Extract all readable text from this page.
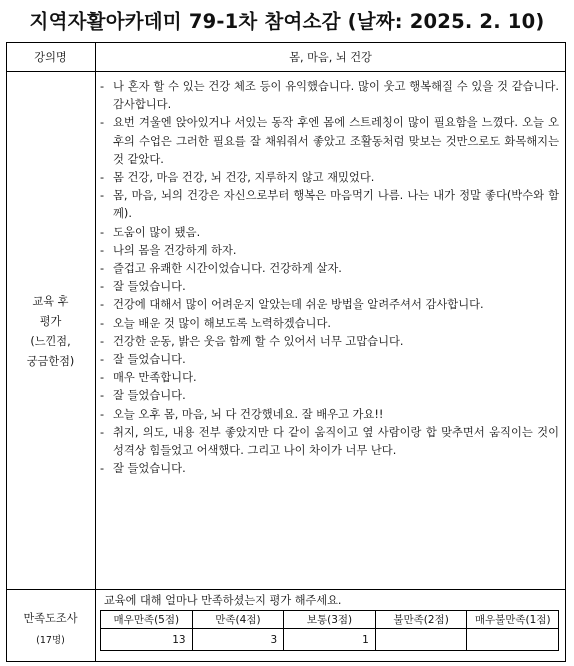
지역자활아카데미 79-1차 참여소감 (날짜: 2025. 2. 10)
강의명	몸, 마음, 뇌 건강
교육 후
평가
(느낀점,
궁금한점)
- 나 혼자 할 수 있는 건강 체조 등이 유익했습니다. 많이 웃고 행복해질 수 있을 것 같습니다. 감사합니다.
- 요번 겨울엔 앉아있거나 서있는 동작 후엔 몸에 스트레칭이 많이 필요함을 느꼈다. 오늘 오후의 수업은 그러한 필요를 잘 채워줘서 좋았고 조활동처럼 맞보는 것만으로도 화목해지는 것 같았다.
- 몸 건강, 마음 건강, 뇌 건강, 지루하지 않고 재밌었다.
- 몸, 마음, 뇌의 건강은 자신으로부터 행복은 마음먹기 나름. 나는 내가 정말 좋다(박수와 함께).
- 도움이 많이 됐음.
- 나의 몸을 건강하게 하자.
- 즐겁고 유쾌한 시간이었습니다. 건강하게 살자.
- 잘 들었습니다.
- 건강에 대해서 많이 어려운지 알았는데 쉬운 방법을 알려주셔서 감사합니다.
- 오늘 배운 것 많이 해보도록 노력하겠습니다.
- 건강한 운동, 밝은 웃음 함께 할 수 있어서 너무 고맙습니다.
- 잘 들었습니다.
- 매우 만족합니다.
- 잘 들었습니다.
- 오늘 오후 몸, 마음, 뇌 다 건강했네요. 잘 배우고 가요!!
- 취지, 의도, 내용 전부 좋았지만 다 같이 움직이고 옆 사람이랑 합 맞추면서 움직이는 것이 성격상 힘들었고 어색했다. 그리고 나이 차이가 너무 난다.
- 잘 들었습니다.
만족도조사
(17명)
교육에 대해 얼마나 만족하셨는지 평가 해주세요.
매우만족(5점)	만족(4점)	보통(3점)	불만족(2점)	매우불만족(1점)
13	3	1		
